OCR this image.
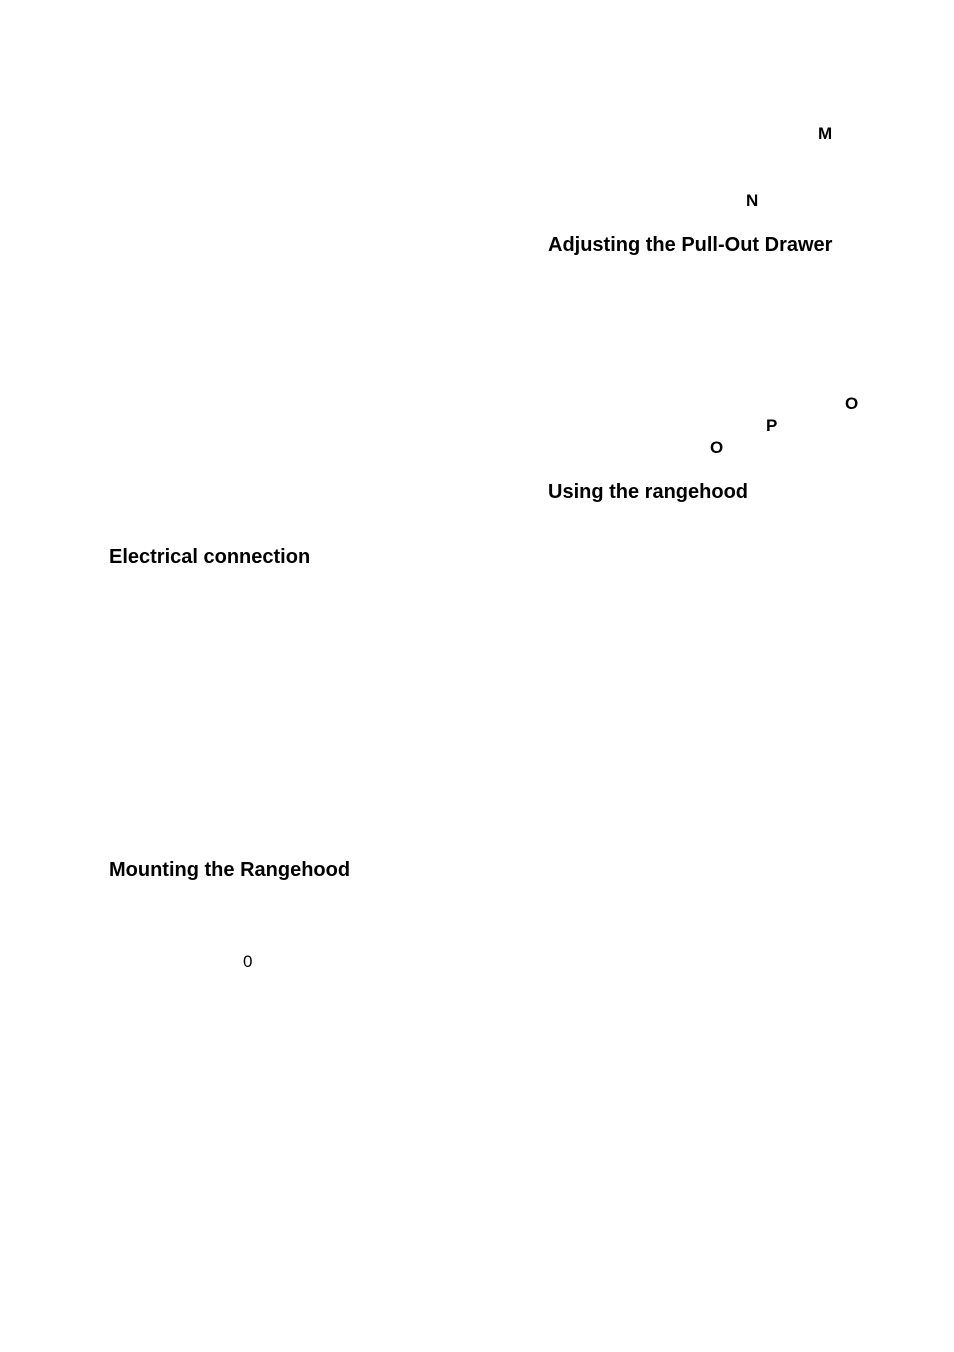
M
N
Adjusting the Pull-Out Drawer
O
P
O
Using the rangehood
Electrical connection
Mounting the Rangehood
0
